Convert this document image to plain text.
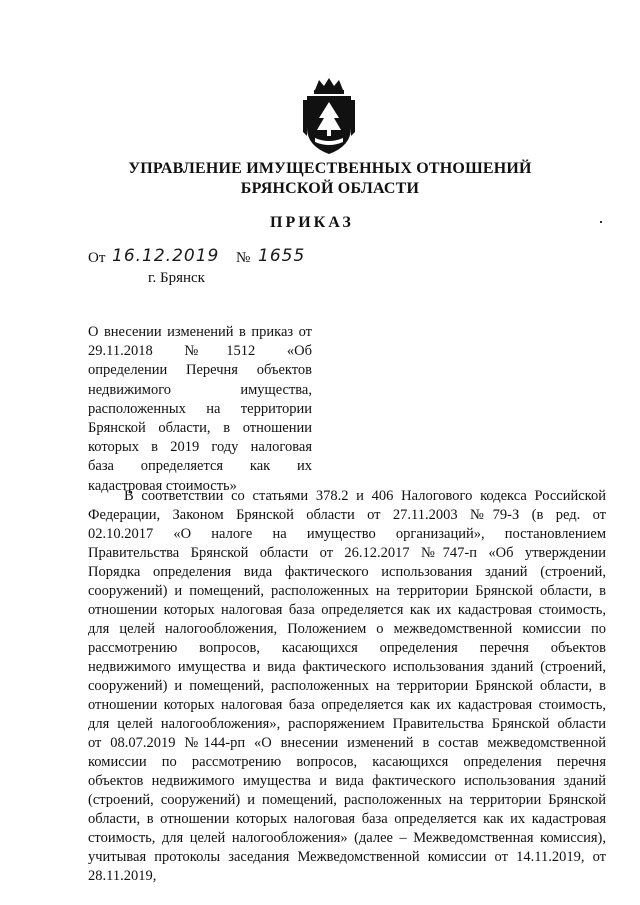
УПРАВЛЕНИЕ ИМУЩЕСТВЕННЫХ ОТНОШЕНИЙ
БРЯНСКОЙ ОБЛАСТИ
ПРИКАЗ
От 16.12.2019 № 1655
г. Брянск
О внесении изменений в приказ от
29.11.2018 №1512 «Об
определении Перечня объектов
недвижимого имущества,
расположенных на территории
Брянской области, в отношении
которых в 2019 году налоговая
база определяется как их
кадастровая стоимость»
В соответствии со статьями 378.2 и 406 Налогового кодекса Российской
Федерации, Законом Брянской области от 27.11.2003 №79-З (в ред. от
02.10.2017 «О налоге на имущество организаций», постановлением
Правительства Брянской области от 26.12.2017 №747-п «Об утверждении
Порядка определения вида фактического использования зданий (строений,
сооружений) и помещений, расположенных на территории Брянской области, в
отношении которых налоговая база определяется как их кадастровая стоимость,
для целей налогообложения, Положением о межведомственной комиссии по
рассмотрению вопросов, касающихся определения перечня объектов
недвижимого имущества и вида фактического использования зданий (строений,
сооружений) и помещений, расположенных на территории Брянской области, в
отношении которых налоговая база определяется как их кадастровая стоимость,
для целей налогообложения», распоряжением Правительства Брянской области
от 08.07.2019 №144-рп «О внесении изменений в состав межведомственной
комиссии по рассмотрению вопросов, касающихся определения перечня
объектов недвижимого имущества и вида фактического использования зданий
(строений, сооружений) и помещений, расположенных на территории Брянской
области, в отношении которых налоговая база определяется как их кадастровая
стоимость, для целей налогообложения» (далее – Межведомственная комиссия),
учитывая протоколы заседания Межведомственной комиссии от 14.11.2019, от
28.11.2019,
